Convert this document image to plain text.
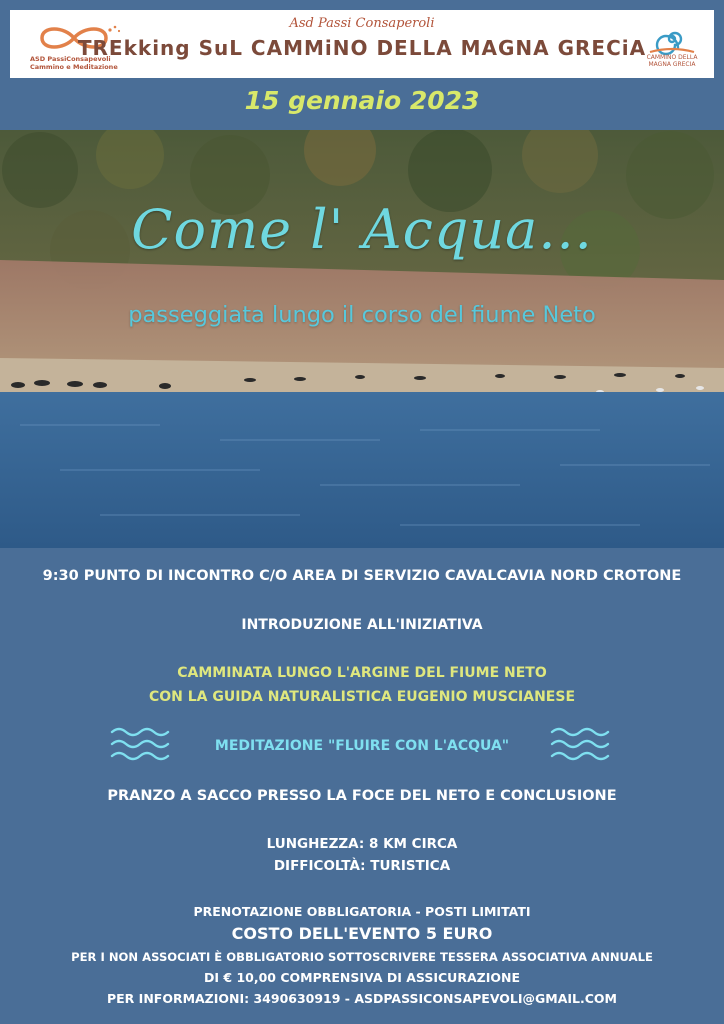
ASD PassiConsapevoli
Cammino e Meditazione
Asd Passi Consaperoli
TREkking SuL CAMMiNO DELLA MAGNA GRECiA CAMMINO DELLA
MAGNA GRECIA
15 gennaio 2023
Come l' Acqua...
passeggiata lungo il corso del fiume Neto
9:30 PUNTO DI INCONTRO C/O AREA DI SERVIZIO CAVALCAVIA NORD CROTONE
INTRODUZIONE ALL'INIZIATIVA
CAMMINATA LUNGO L'ARGINE DEL FIUME NETO
CON LA GUIDA NATURALISTICA EUGENIO MUSCIANESE
MEDITAZIONE "FLUIRE CON L'ACQUA"
PRANZO A SACCO PRESSO LA FOCE DEL NETO E CONCLUSIONE
LUNGHEZZA: 8 KM CIRCA
DIFFICOLTÀ: TURISTICA
PRENOTAZIONE OBBLIGATORIA - POSTI LIMITATI
COSTO DELL'EVENTO 5 EURO
PER I NON ASSOCIATI È OBBLIGATORIO SOTTOSCRIVERE TESSERA ASSOCIATIVA ANNUALE
DI € 10,00 COMPRENSIVA DI ASSICURAZIONE
PER INFORMAZIONI: 3490630919 - ASDPASSICONSAPEVOLI@GMAIL.COM
